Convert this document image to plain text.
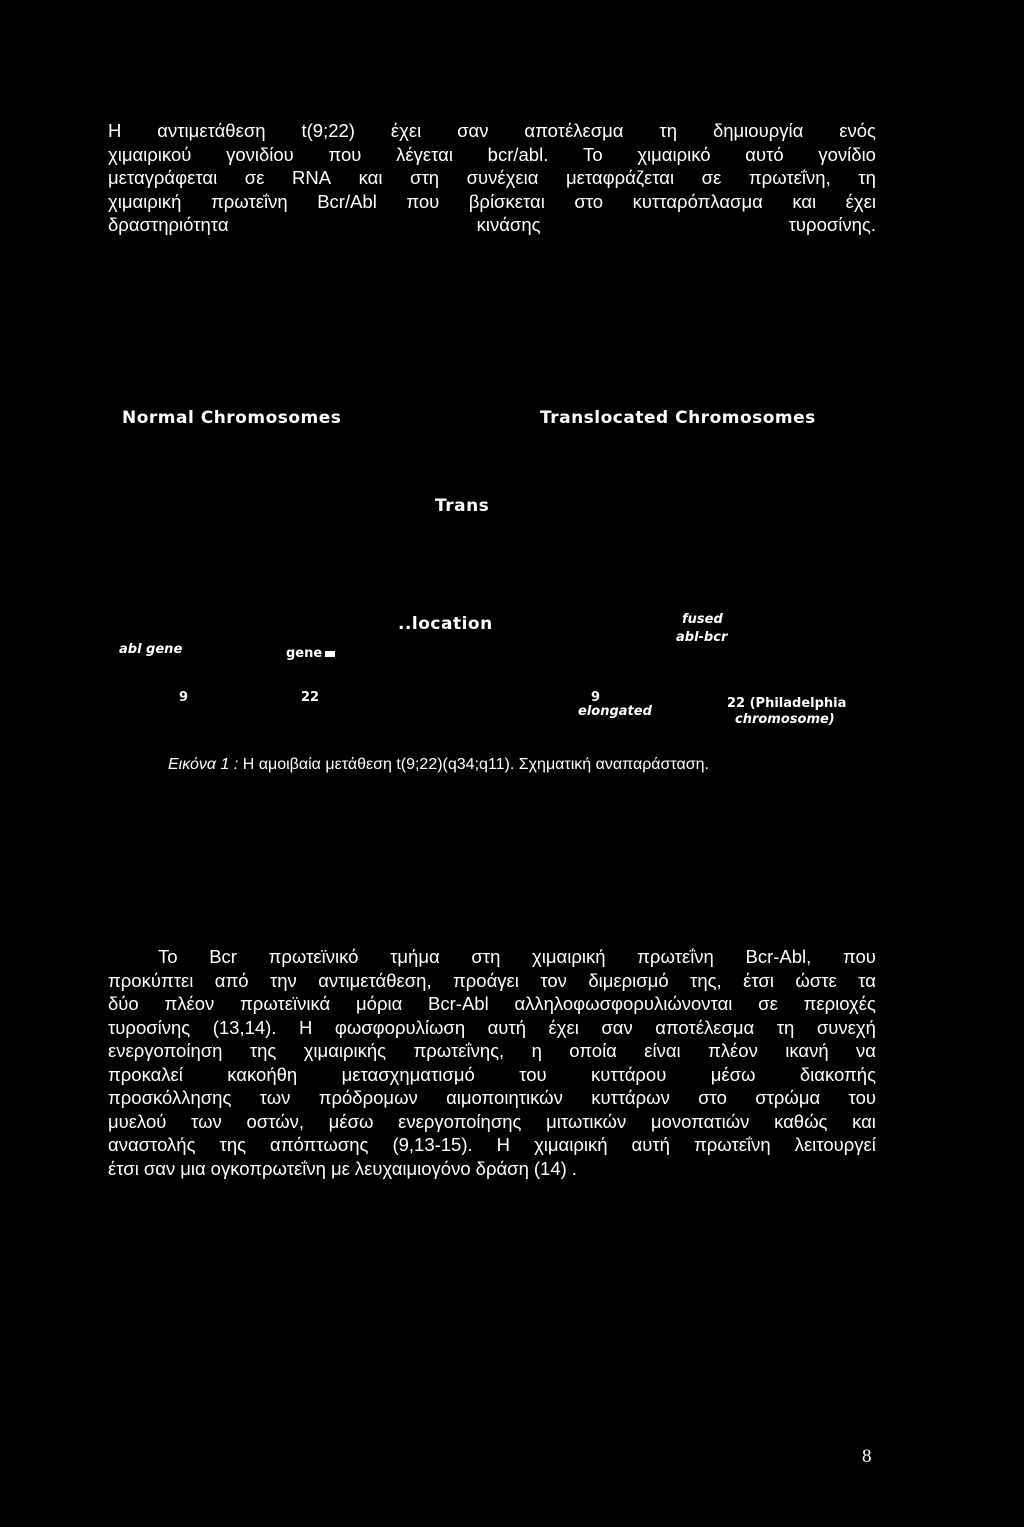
Η αντιμετάθεση t(9;22) έχει σαν αποτέλεσμα τη δημιουργία ενός
χιμαιρικού γονιδίου που λέγεται bcr/abl. Το χιμαιρικό αυτό γονίδιο
μεταγράφεται σε RNA και στη συνέχεια μεταφράζεται σε πρωτεΐνη, τη
χιμαιρική πρωτεΐνη Bcr/Abl που βρίσκεται στο κυτταρόπλασμα και έχει
δραστηριότητα	κινάσης	τυροσίνης.
Normal Chromosomes	Translocated Chromosomes
Trans
..location
abl gene	gene
fused
abl-bcr
9	22	9
elongated
22 (Philadelphia
chromosome)
Εικόνα 1 : Η αμοιβαία μετάθεση t(9;22)(q34;q11). Σχηματική αναπαράσταση.
Το Bcr πρωτεϊνικό τμήμα στη χιμαιρική πρωτεΐνη Bcr-Abl, που
προκύπτει από την αντιμετάθεση, προάγει τον διμερισμό της, έτσι ώστε τα
δύο πλέον πρωτεϊνικά μόρια Bcr-Abl αλληλοφωσφορυλιώνονται σε περιοχές
τυροσίνης (13,14). Η φωσφορυλίωση αυτή έχει σαν αποτέλεσμα τη συνεχή
ενεργοποίηση της χιμαιρικής πρωτεΐνης, η οποία είναι πλέον ικανή να
προκαλεί κακοήθη μετασχηματισμό του κυττάρου μέσω διακοπής
προσκόλλησης των πρόδρομων αιμοποιητικών κυττάρων στο στρώμα του
μυελού των οστών, μέσω ενεργοποίησης μιτωτικών μονοπατιών καθώς και
αναστολής της απόπτωσης (9,13-15). Η χιμαιρική αυτή πρωτεΐνη λειτουργεί
έτσι σαν μια ογκοπρωτεΐνη με λευχαιμιογόνο δράση (14) .
8
